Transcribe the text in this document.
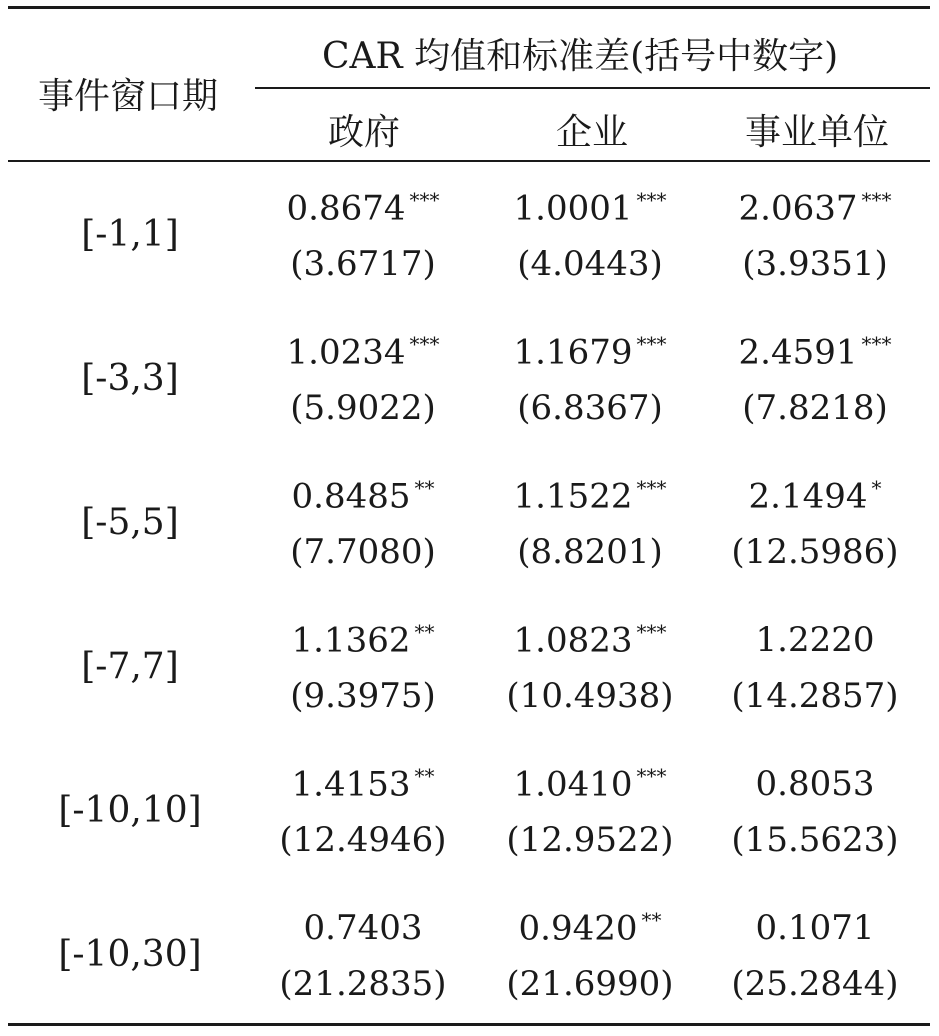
事件窗口期
CAR 均值和标准差(括号中数字)
政府	企业	事业单位
[-1,1]
0.8674 ***
(3.6717)
1.0001 ***
(4.0443)
2.0637 ***
(3.9351)
[-3,3]
1.0234 ***
(5.9022)
1.1679 ***
(6.8367)
2.4591 ***
(7.8218)
[-5,5]
0.8485 **
(7.7080)
1.1522 ***
(8.8201)
2.1494 *
(12.5986)
[-7,7]
1.1362 **
(9.3975)
1.0823 ***
(10.4938)
1.2220
(14.2857)
[-10,10]
1.4153 **
(12.4946)
1.0410 ***
(12.9522)
0.8053
(15.5623)
[-10,30]
0.7403
(21.2835)
0.9420 **
(21.6990)
0.1071
(25.2844)
